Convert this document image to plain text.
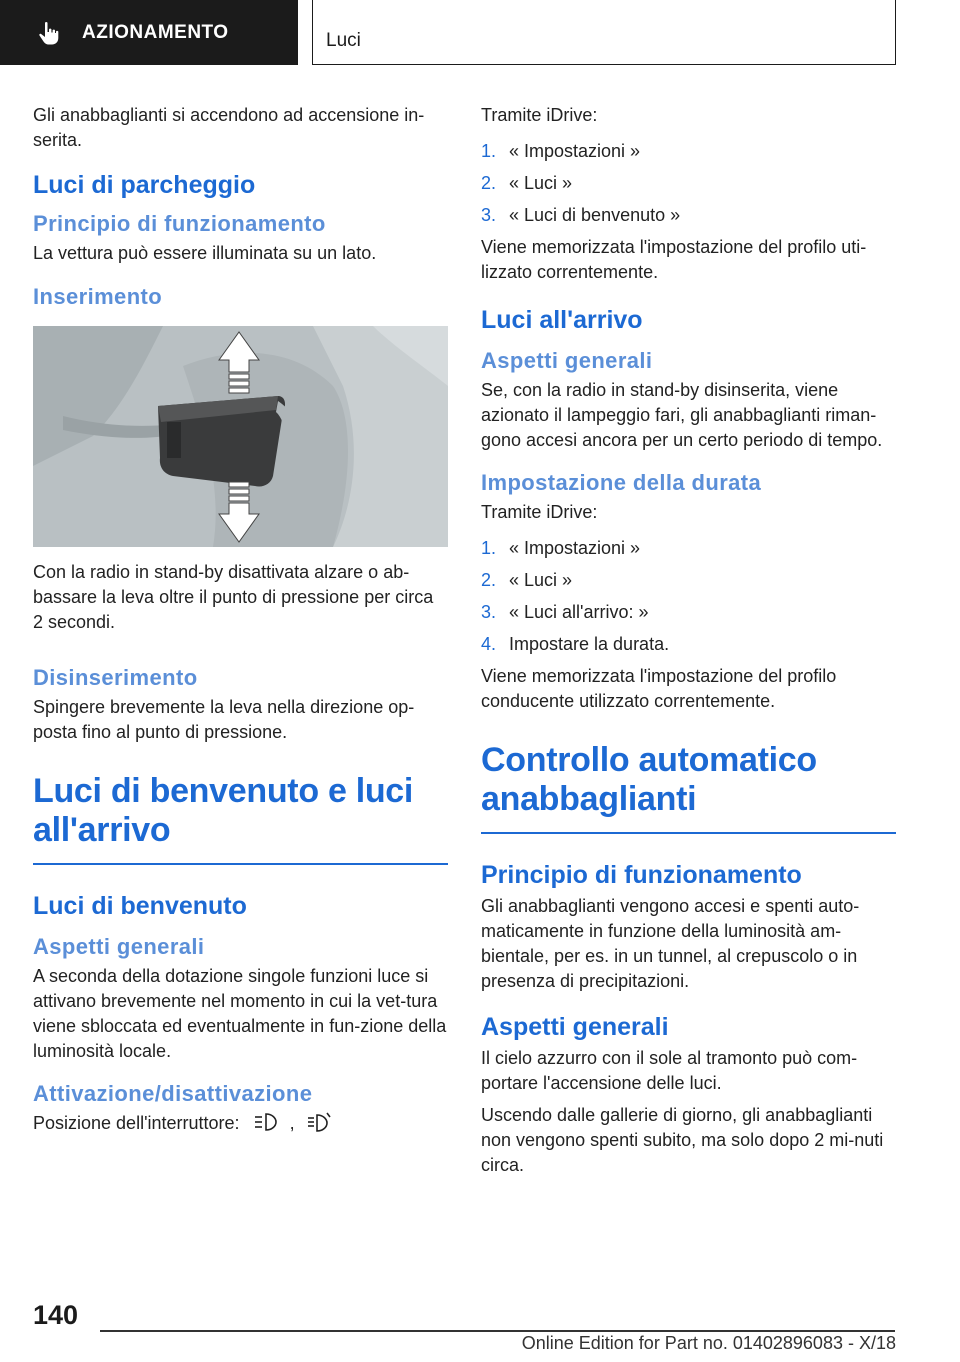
AZIONAMENTO	Luci
Gli anabbaglianti si accendono ad accensione in-serita.
Luci di parcheggio
Principio di funzionamento
La vettura può essere illuminata su un lato.
Inserimento
Con la radio in stand-by disattivata alzare o ab-bassare la leva oltre il punto di pressione per circa 2 secondi.
Disinserimento
Spingere brevemente la leva nella direzione op-posta fino al punto di pressione.
Luci di benvenuto e luci all'arrivo
Luci di benvenuto
Aspetti generali
A seconda della dotazione singole funzioni luce si attivano brevemente nel momento in cui la vet-tura viene sbloccata ed eventualmente in fun-zione della luminosità locale.
Attivazione/disattivazione
Posizione dell'interruttore:	,
Tramite iDrive:
1. « Impostazioni »
2. « Luci »
3. « Luci di benvenuto »
Viene memorizzata l'impostazione del profilo uti-lizzato correntemente.
Luci all'arrivo
Aspetti generali
Se, con la radio in stand-by disinserita, viene azionato il lampeggio fari, gli anabbaglianti riman-gono accesi ancora per un certo periodo di tempo.
Impostazione della durata
Tramite iDrive:
1. « Impostazioni »
2. « Luci »
3. « Luci all'arrivo: »
4. Impostare la durata.
Viene memorizzata l'impostazione del profilo conducente utilizzato correntemente.
Controllo automatico anabbaglianti
Principio di funzionamento
Gli anabbaglianti vengono accesi e spenti auto-maticamente in funzione della luminosità am-bientale, per es. in un tunnel, al crepuscolo o in presenza di precipitazioni.
Aspetti generali
Il cielo azzurro con il sole al tramonto può com-portare l'accensione delle luci.
Uscendo dalle gallerie di giorno, gli anabbaglianti non vengono spenti subito, ma solo dopo 2 mi-nuti circa.
140
Online Edition for Part no. 01402896083 - X/18
